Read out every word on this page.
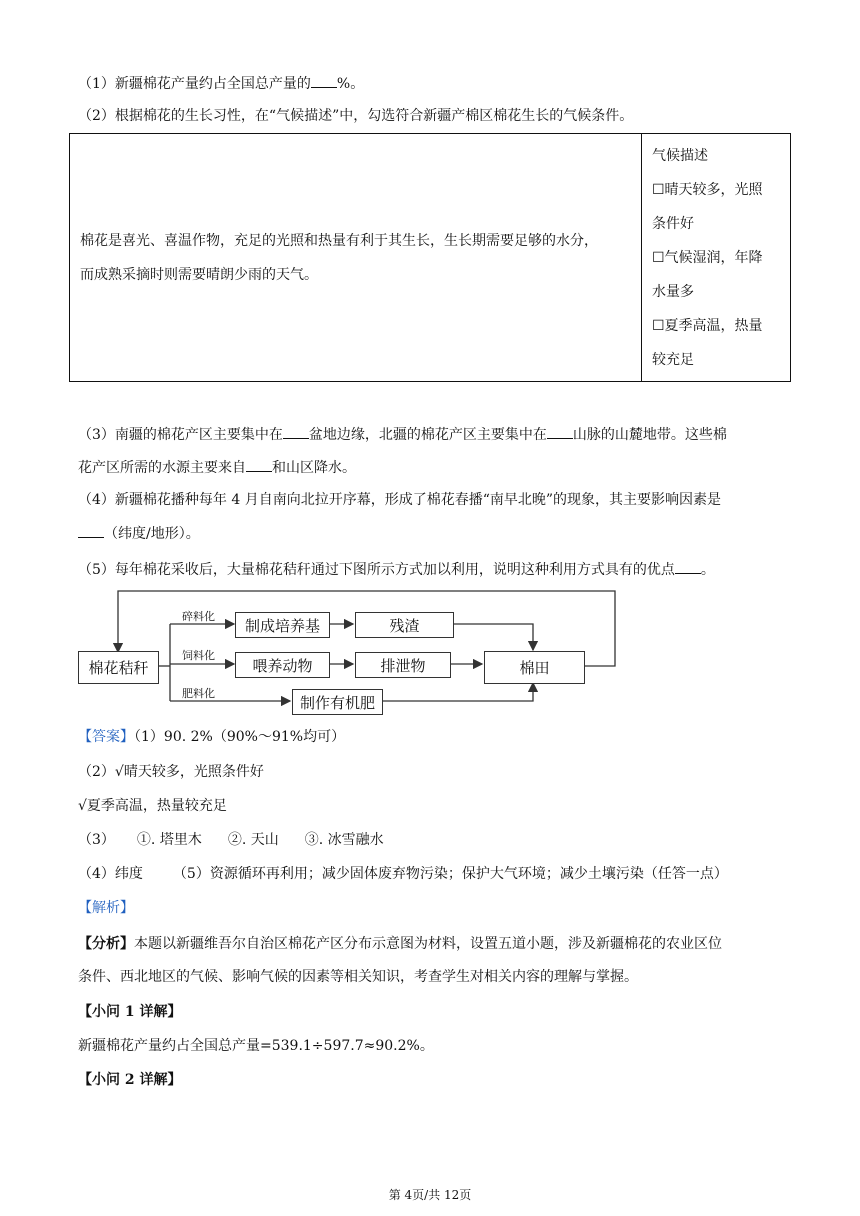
（1）新疆棉花产量约占全国总产量的 %。
（2）根据棉花的生长习性，在“气候描述”中，勾选符合新疆产棉区棉花生长的气候条件。
棉花是喜光、喜温作物，充足的光照和热量有利于其生长，生长期需要足够的水分，
而成熟采摘时则需要晴朗少雨的天气。

气候描述
☐晴天较多，光照
条件好
☐气候湿润，年降
水量多
☐夏季高温，热量
较充足
（3）南疆的棉花产区主要集中在 盆地边缘，北疆的棉花产区主要集中在 山脉的山麓地带。这些棉
花产区所需的水源主要来自 和山区降水。
（4）新疆棉花播种每年 4 月自南向北拉开序幕，形成了棉花春播“南早北晚”的现象，其主要影响因素是
（纬度/地形）。
（5）每年棉花采收后，大量棉花秸秆通过下图所示方式加以利用，说明这种利用方式具有的优点 。
棉花秸秆
碎料化
饲料化
肥料化
制成培养基	残渣
喂养动物	排泄物
制作有机肥
棉田
【答案】（1）90. 2%（90%～91%均可）
（2）√晴天较多，光照条件好
√夏季高温，热量较充足
（3） ①. 塔里木 ②. 天山 ③. 冰雪融水
（4）纬度 （5）资源循环再利用；减少固体废弃物污染；保护大气环境；减少土壤污染（任答一点）
【解析】
【分析】本题以新疆维吾尔自治区棉花产区分布示意图为材料，设置五道小题，涉及新疆棉花的农业区位
条件、西北地区的气候、影响气候的因素等相关知识，考查学生对相关内容的理解与掌握。
【小问 1 详解】
新疆棉花产量约占全国总产量=539.1÷597.7≈90.2%。
【小问 2 详解】
第 4页/共 12页
